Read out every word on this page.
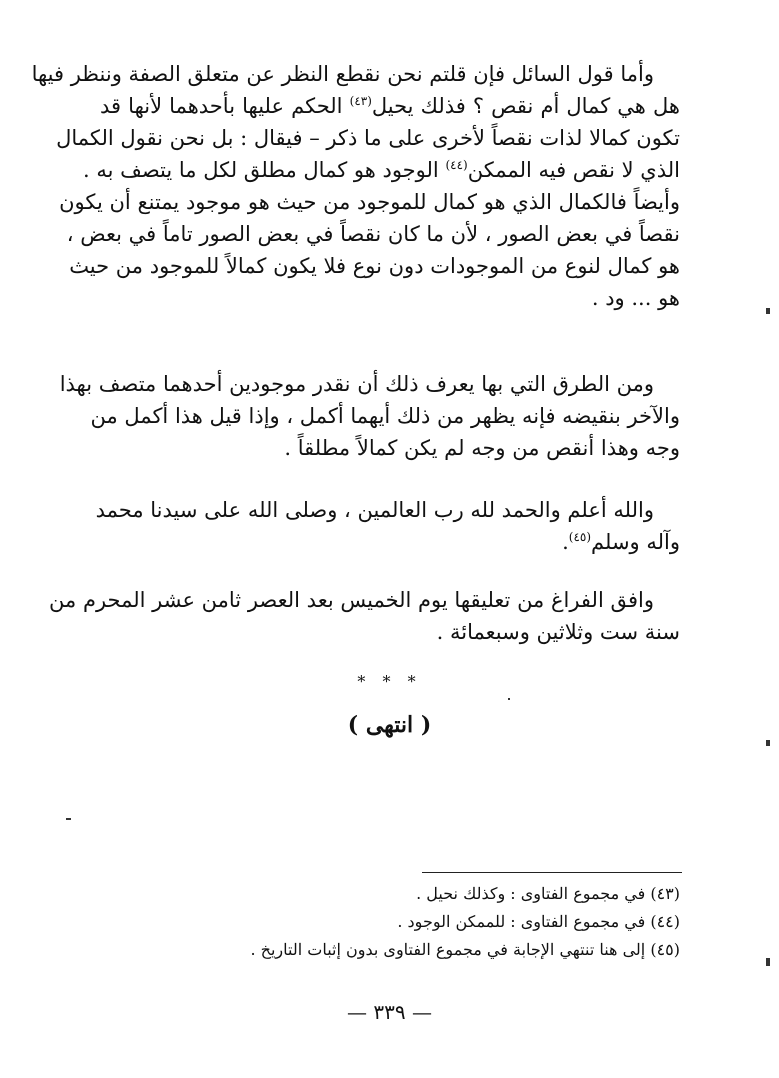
وأما قول السائل فإن قلتم نحن نقطع النظر عن متعلق الصفة وننظر فيها
هل هي كمال أم نقص ؟ فذلك يحيل$^{(٤٣)}$ الحكم عليها بأحدهما لأنها قد
تكون كمالا لذات نقصاً لأخرى على ما ذكر – فيقال : بل نحن نقول الكمال
الذي لا نقص فيه الممكن$^{(٤٤)}$ الوجود هو كمال مطلق لكل ما يتصف به .
وأيضاً فالكمال الذي هو كمال للموجود من حيث هو موجود يمتنع أن يكون
نقصاً في بعض الصور ، لأن ما كان نقصاً في بعض الصور تاماً في بعض ،
هو كمال لنوع من الموجودات دون نوع فلا يكون كمالاً للموجود من حيث
هو ... ود .
ومن الطرق التي بها يعرف ذلك أن نقدر موجودين أحدهما متصف بهذا
والآخر بنقيضه فإنه يظهر من ذلك أيهما أكمل ، وإذا قيل هذا أكمل من
وجه وهذا أنقص من وجه لم يكن كمالاً مطلقاً .
والله أعلم والحمد لله رب العالمين ، وصلى الله على سيدنا محمد
وآله وسلم$^{(٤٥)}$.
وافق الفراغ من تعليقها يوم الخميس بعد العصر ثامن عشر المحرم من
سنة ست وثلاثين وسبعمائة .
* * *
( انتهى )
(٤٣) في مجموع الفتاوى : وكذلك نحيل .
(٤٤) في مجموع الفتاوى : للممكن الوجود .
(٤٥) إلى هنا تنتهي الإجابة في مجموع الفتاوى بدون إثبات التاريخ .
— ٣٣٩ —
